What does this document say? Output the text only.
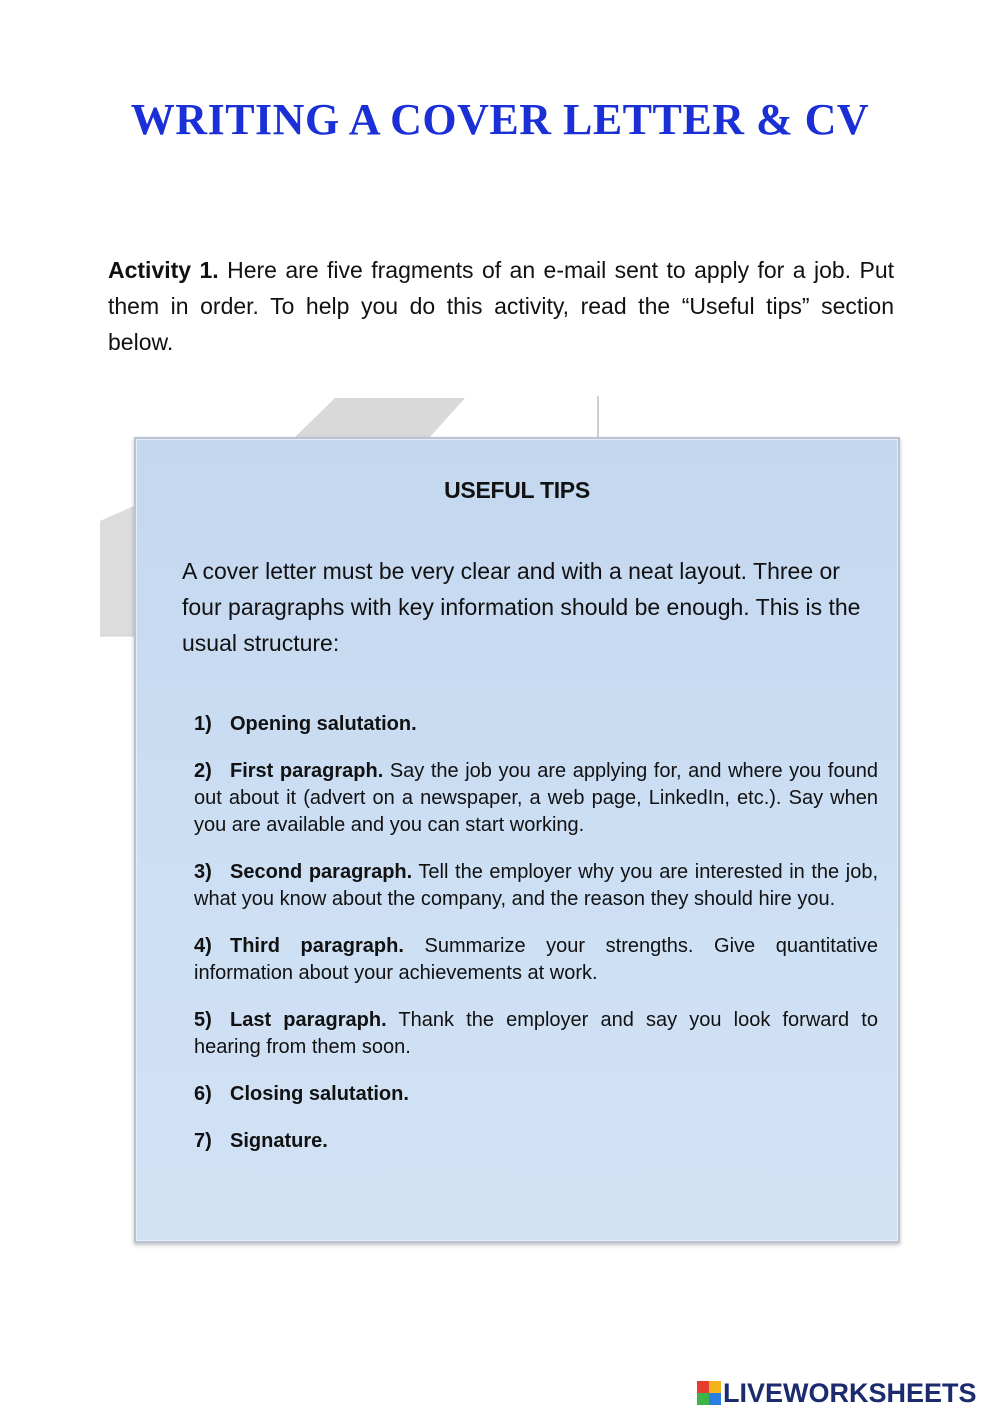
WRITING A COVER LETTER & CV

Activity 1. Here are five fragments of an e-mail sent to apply for a job. Put them in order. To help you do this activity, read the “Useful tips” section below.

USEFUL TIPS

A cover letter must be very clear and with a neat layout. Three or four paragraphs with key information should be enough. This is the usual structure:

1) Opening salutation.
2) First paragraph. Say the job you are applying for, and where you found out about it (advert on a newspaper, a web page, LinkedIn, etc.). Say when you are available and you can start working.
3) Second paragraph. Tell the employer why you are interested in the job, what you know about the company, and the reason they should hire you.
4) Third paragraph. Summarize your strengths. Give quantitative information about your achievements at work.
5) Last paragraph. Thank the employer and say you look forward to hearing from them soon.
6) Closing salutation.
7) Signature.
LIVEWORKSHEETS
